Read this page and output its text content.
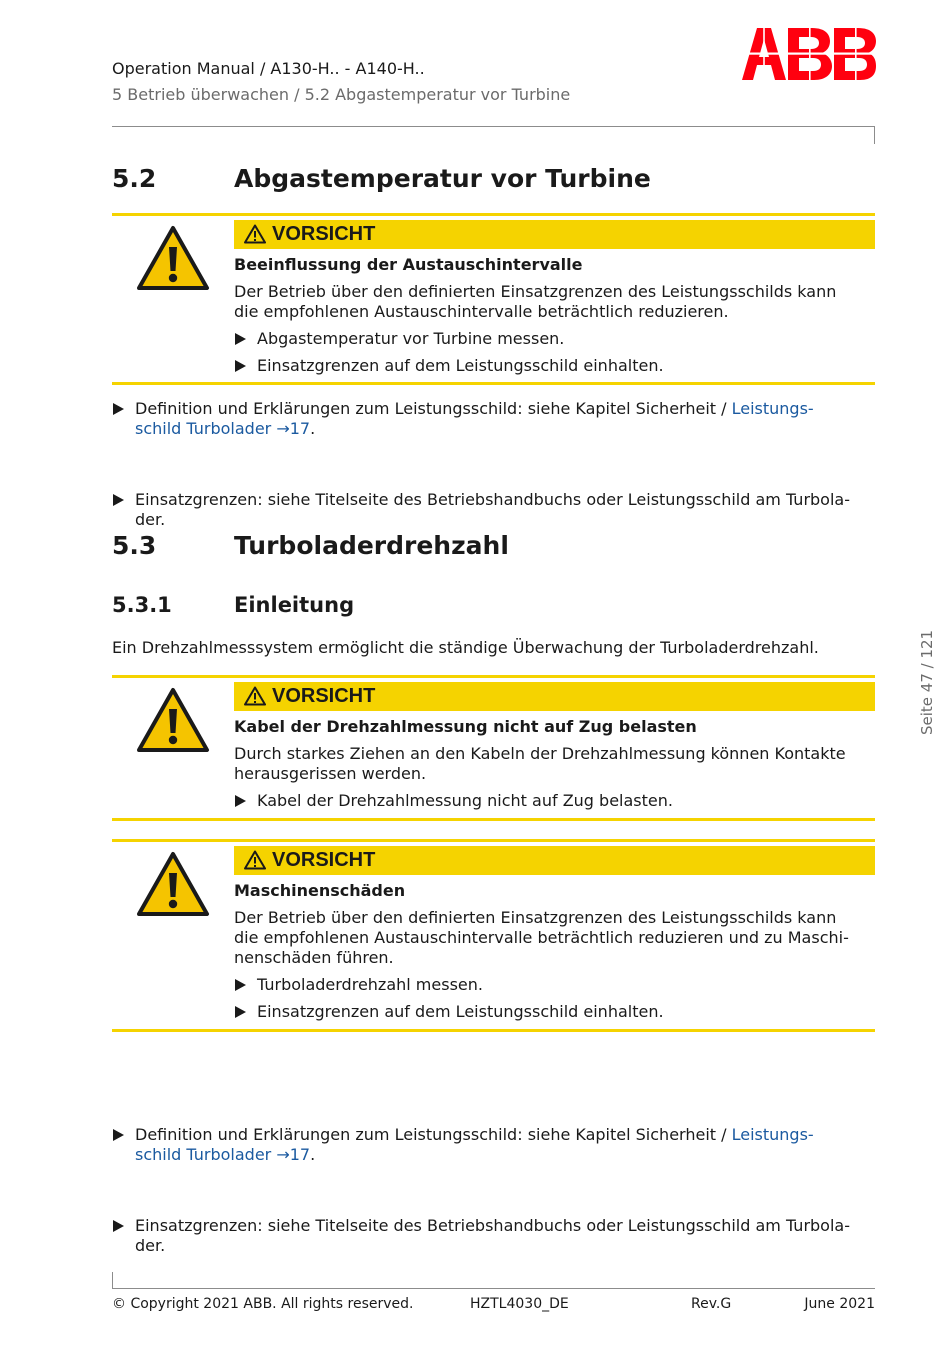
Operation Manual / A130-H.. - A140-H..
5 Betrieb überwachen / 5.2 Abgastemperatur vor Turbine
5.2	Abgastemperatur vor Turbine
VORSICHT
Beeinflussung der Austauschintervalle
Der Betrieb über den definierten Einsatzgrenzen des Leistungsschilds kann
die empfohlenen Austauschintervalle beträchtlich reduzieren.
Abgastemperatur vor Turbine messen.
Einsatzgrenzen auf dem Leistungsschild einhalten.
Definition und Erklärungen zum Leistungsschild: siehe Kapitel Sicherheit / Leistungs-
schild Turbolader →17.
Einsatzgrenzen: siehe Titelseite des Betriebshandbuchs oder Leistungsschild am Turbola-
der.
5.3	Turboladerdrehzahl
5.3.1	Einleitung
Ein Drehzahlmesssystem ermöglicht die ständige Überwachung der Turboladerdrehzahl.
VORSICHT
Kabel der Drehzahlmessung nicht auf Zug belasten
Durch starkes Ziehen an den Kabeln der Drehzahlmessung können Kontakte
herausgerissen werden.
Kabel der Drehzahlmessung nicht auf Zug belasten.
VORSICHT
Maschinenschäden
Der Betrieb über den definierten Einsatzgrenzen des Leistungsschilds kann
die empfohlenen Austauschintervalle beträchtlich reduzieren und zu Maschi-
nenschäden führen.
Turboladerdrehzahl messen.
Einsatzgrenzen auf dem Leistungsschild einhalten.
Definition und Erklärungen zum Leistungsschild: siehe Kapitel Sicherheit / Leistungs-
schild Turbolader →17.
Einsatzgrenzen: siehe Titelseite des Betriebshandbuchs oder Leistungsschild am Turbola-
der.
Seite 47 / 121
© Copyright 2021 ABB. All rights reserved.	HZTL4030_DE	Rev.G	June 2021
